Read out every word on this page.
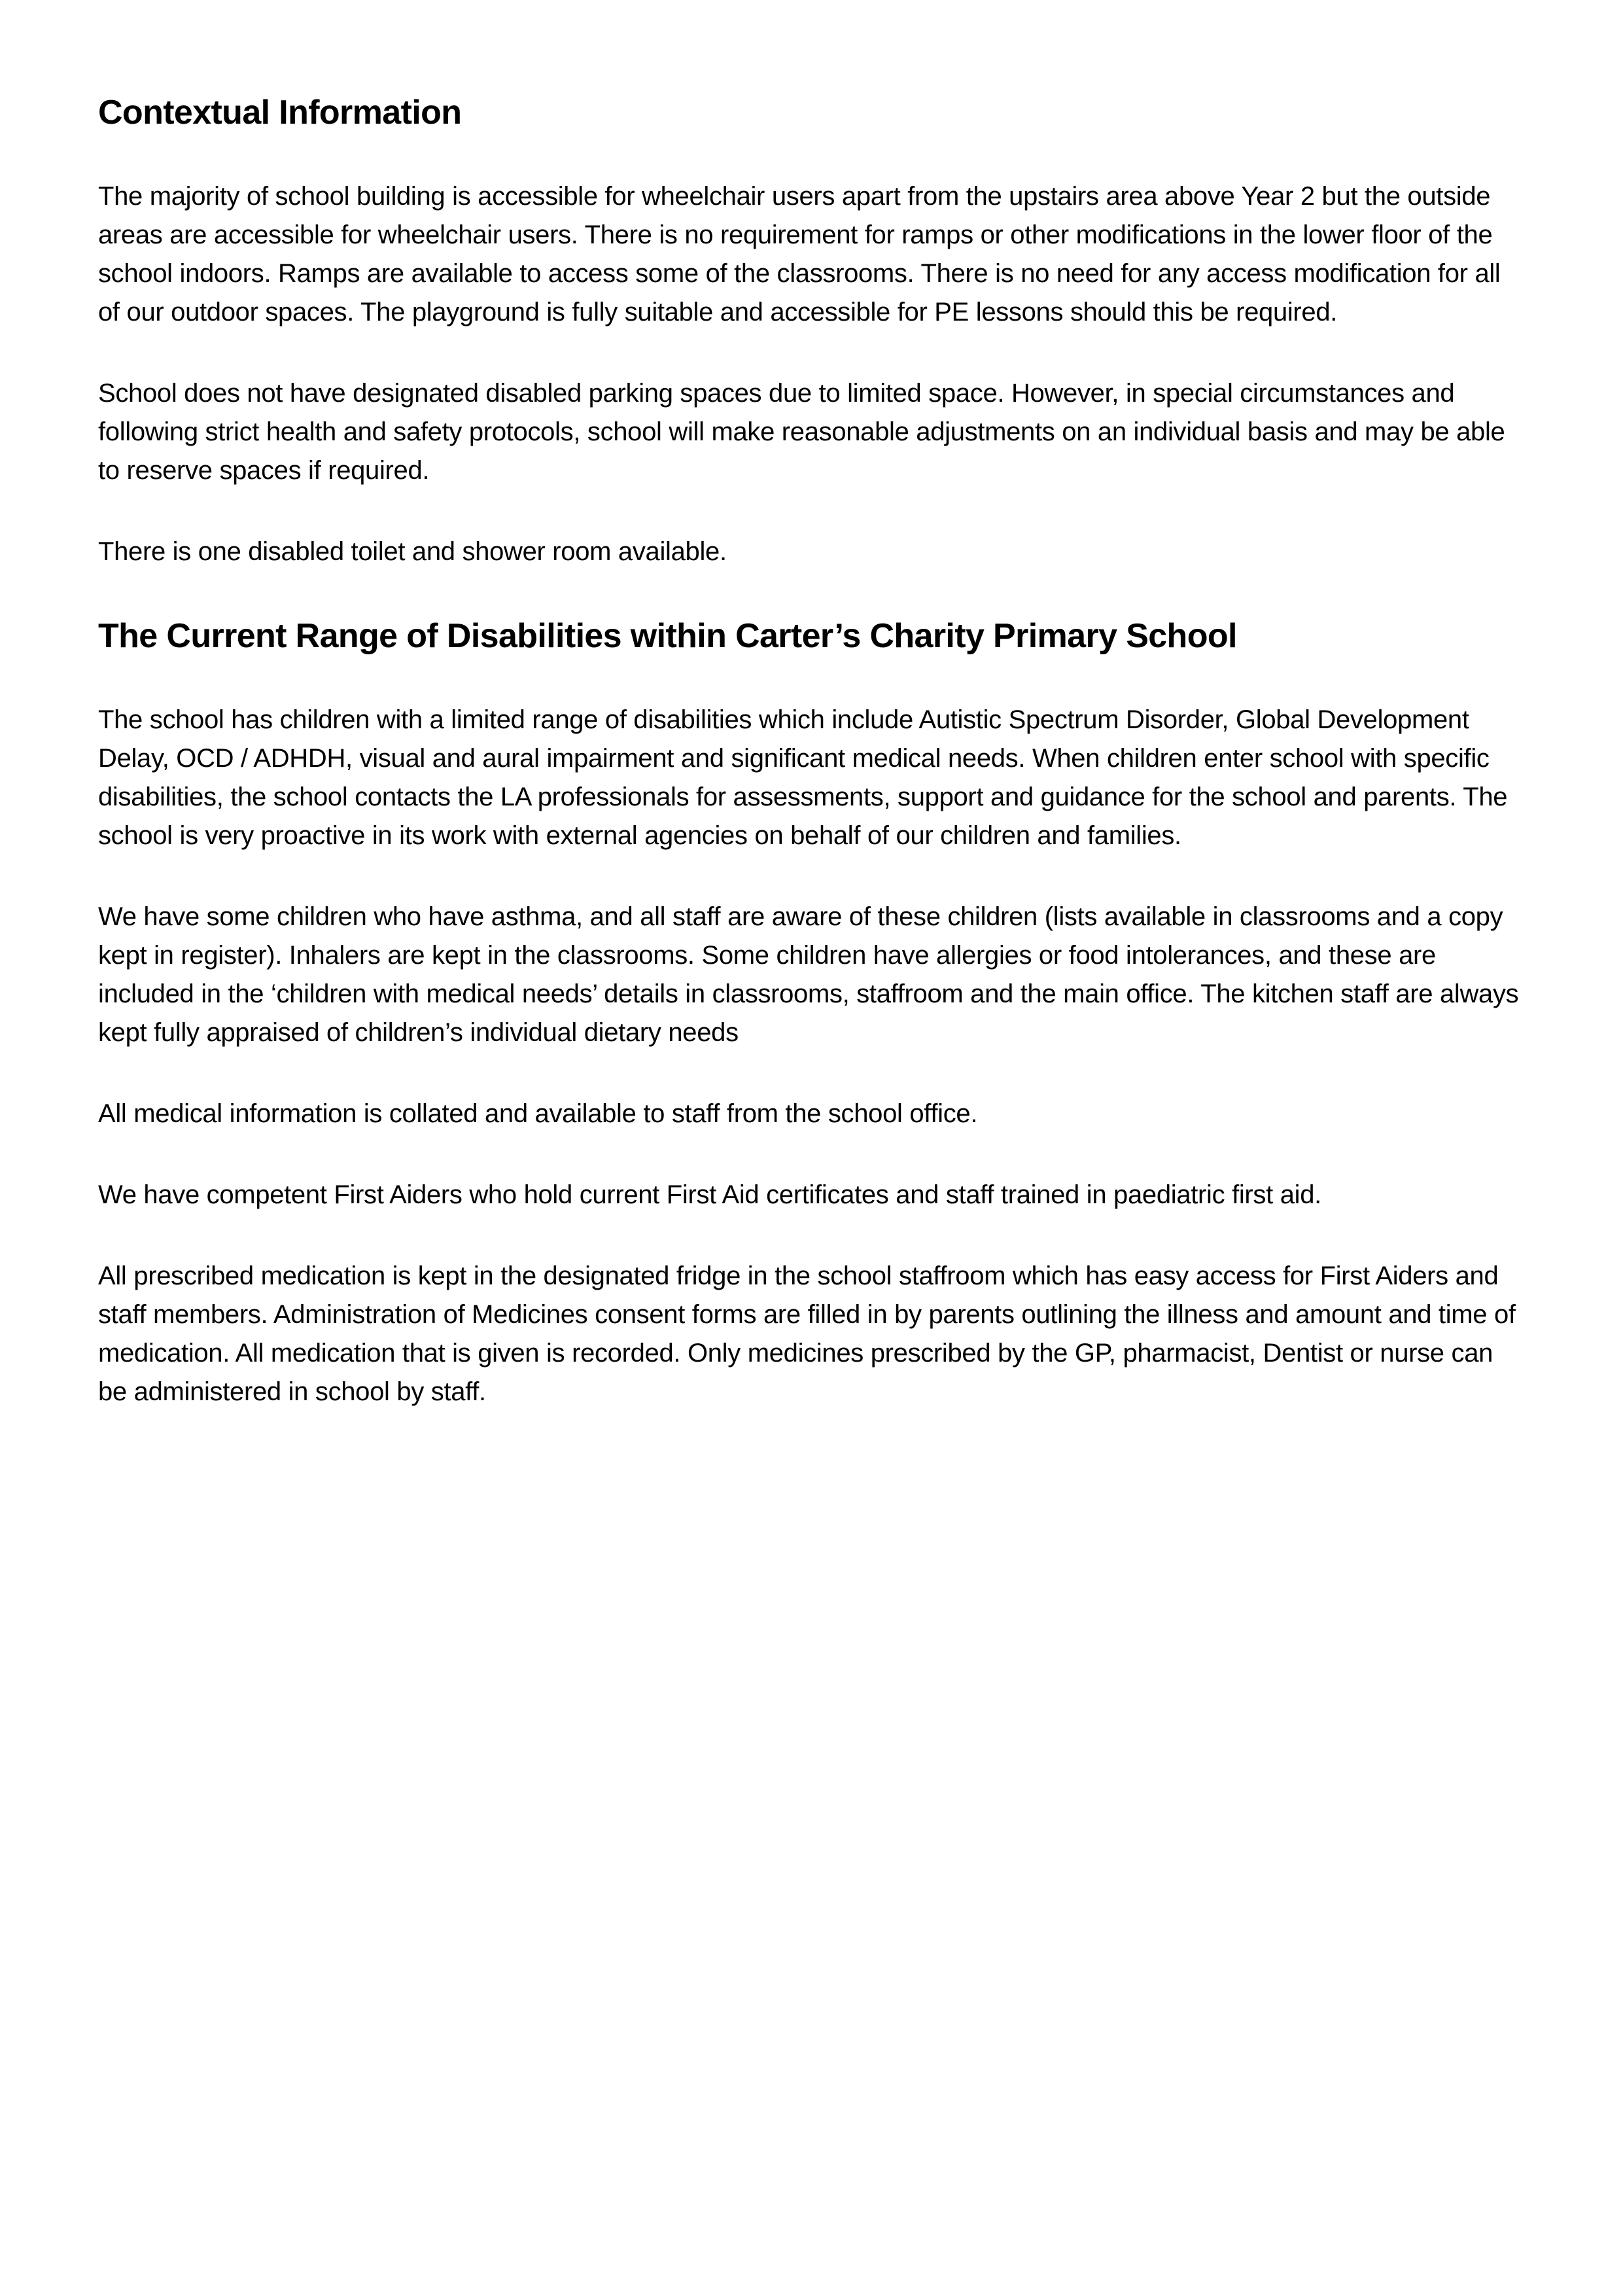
Contextual Information

The majority of school building is accessible for wheelchair users apart from the upstairs area above Year 2 but the outside areas are accessible for wheelchair users. There is no requirement for ramps or other modifications in the lower floor of the school indoors. Ramps are available to access some of the classrooms. There is no need for any access modification for all of our outdoor spaces. The playground is fully suitable and accessible for PE lessons should this be required.

School does not have designated disabled parking spaces due to limited space. However, in special circumstances and following strict health and safety protocols, school will make reasonable adjustments on an individual basis and may be able to reserve spaces if required.

There is one disabled toilet and shower room available.

The Current Range of Disabilities within Carter’s Charity Primary School

The school has children with a limited range of disabilities which include Autistic Spectrum Disorder, Global Development Delay, OCD / ADHDH, visual and aural impairment and significant medical needs. When children enter school with specific disabilities, the school contacts the LA professionals for assessments, support and guidance for the school and parents. The school is very proactive in its work with external agencies on behalf of our children and families.

We have some children who have asthma, and all staff are aware of these children (lists available in classrooms and a copy kept in register). Inhalers are kept in the classrooms. Some children have allergies or food intolerances, and these are included in the ‘children with medical needs’ details in classrooms, staffroom and the main office. The kitchen staff are always kept fully appraised of children’s individual dietary needs

All medical information is collated and available to staff from the school office.

We have competent First Aiders who hold current First Aid certificates and staff trained in paediatric first aid.

All prescribed medication is kept in the designated fridge in the school staffroom which has easy access for First Aiders and staff members. Administration of Medicines consent forms are filled in by parents outlining the illness and amount and time of medication. All medication that is given is recorded. Only medicines prescribed by the GP, pharmacist, Dentist or nurse can be administered in school by staff.
